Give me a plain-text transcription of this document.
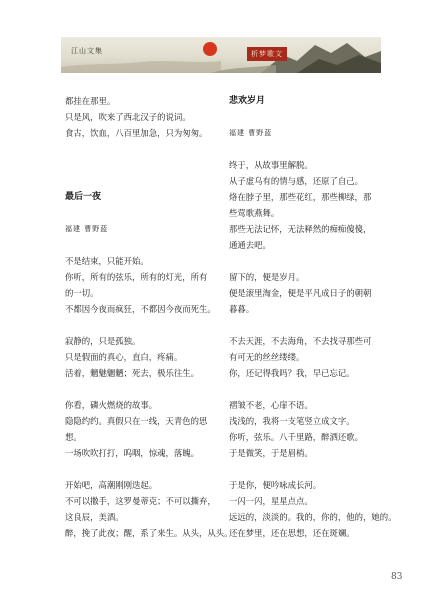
江山文集	析梦歌文
都挂在那里。
只是风，吹来了西北汉子的说词。
食古，饮血，八百里加急，只为匆匆。
最后一夜
福建 曹野蓝
不是结束，只能开始。
你听，所有的弦乐，所有的灯光，所有
的一切。
不都因今夜而疯狂，不都因今夜而死生。
寂静的，只是孤独。
只是假面的真心，直白，疼痛。
活着，魑魅魍魉；死去，极乐往生。
你看，磷火燃烧的故事。
隐隐约约。真假只在一线，天青色的思
想。
一场吹吹打打，呜咽，惊魂，落魄。
开始吧，高潮刚刚迭起。
不可以撒手，这罗曼蒂克；不可以撕弃，
这良辰，美酒。
醉，挽了此夜；醒，系了来生。从头，从头。
悲欢岁月
福建 曹野蓝
终于，从故事里解脱。
从子虚乌有的情与感，还原了自己。
烙在脖子里，那些花红，那些柳绿，那
些莺歌燕舞。
那些无法记怀，无法释然的痴痴傻傻，
通通去吧。
留下的，便是岁月。
便是滚里淘金，便是平凡成日子的朝朝
暮暮。
不去天涯，不去海角，不去找寻那些可
有可无的丝丝缕缕。
你，还记得我吗？我，早已忘记。
褶皱不老，心扉不语。
浅浅的，我将一支笔竖立成文字。
你听，弦乐。八千里路，醉洒还歌。
于是微笑，于是眉梢。
于是你，便吟咏成长河。
一闪一闪，星星点点。
远远的，淡淡的。我的，你的，他的，她的。
还在梦里，还在思想，还在斑斓。
83
